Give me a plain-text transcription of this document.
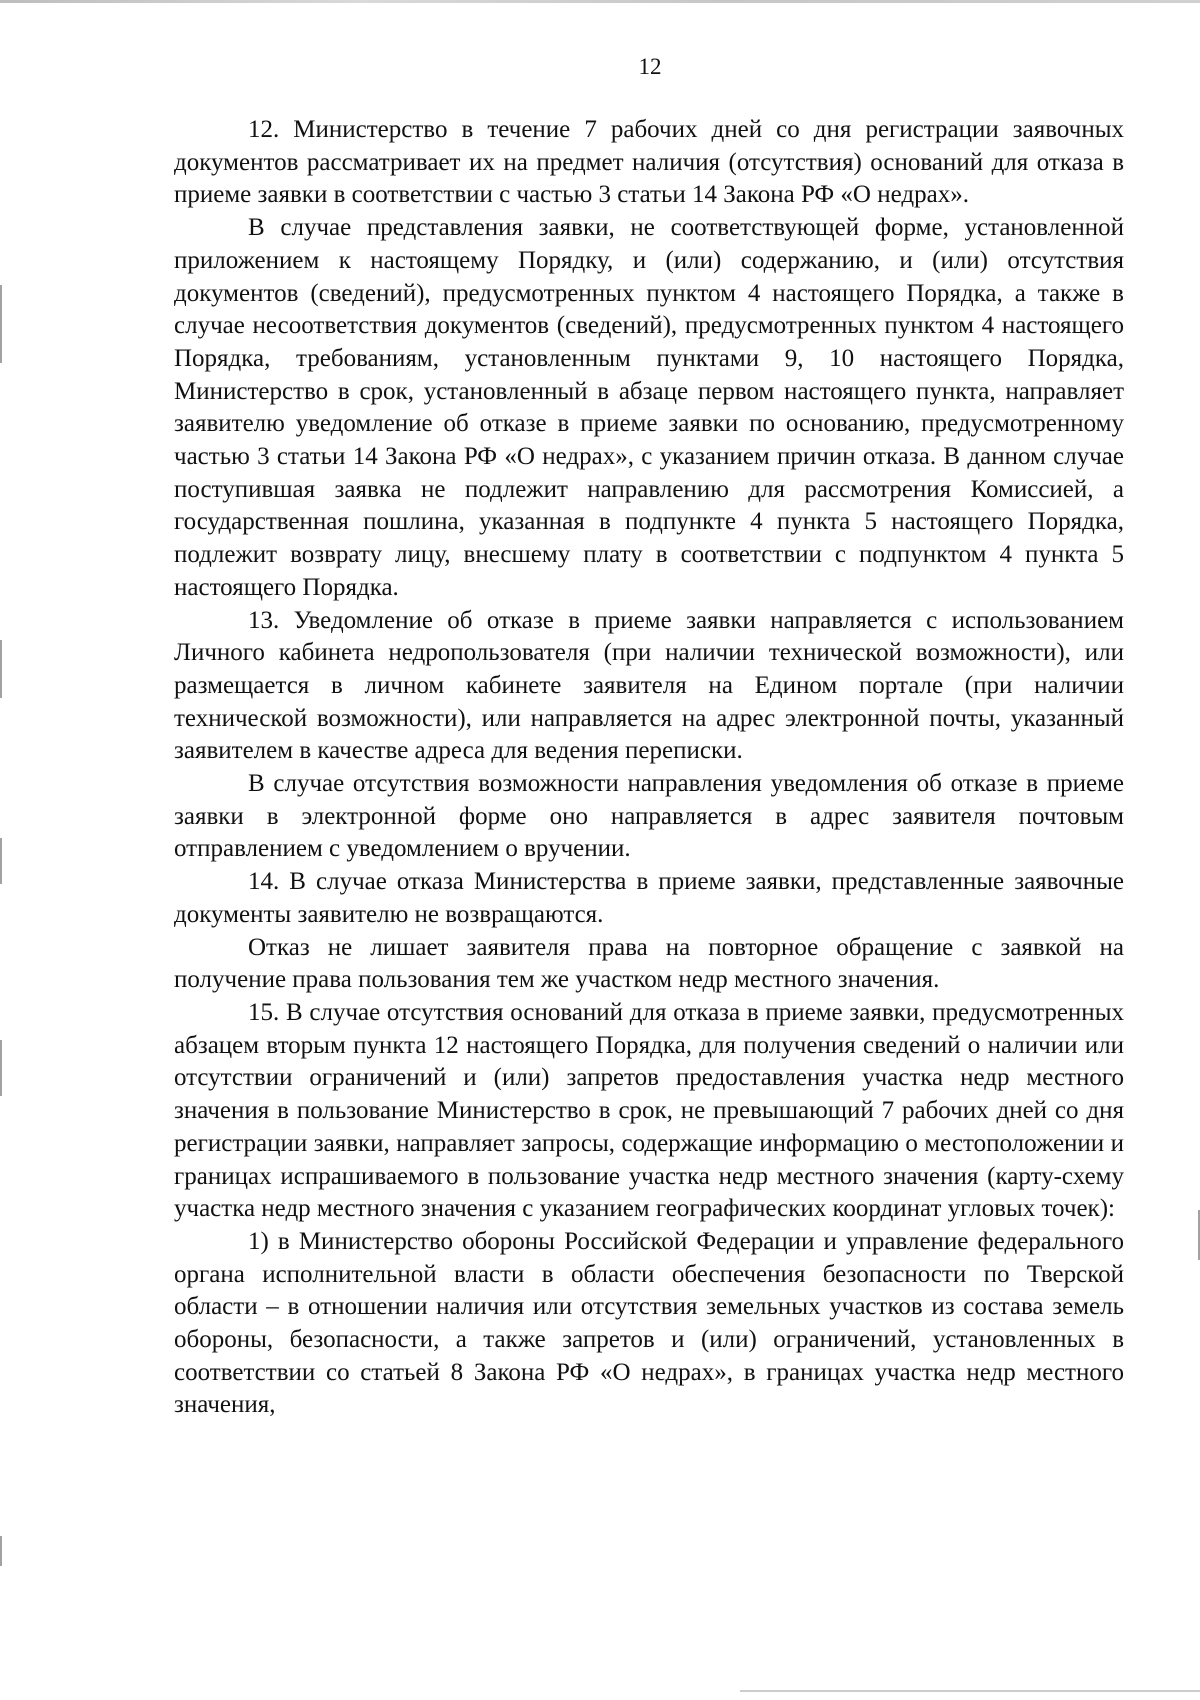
12

12. Министерство в течение 7 рабочих дней со дня регистрации заявочных документов рассматривает их на предмет наличия (отсутствия) оснований для отказа в приеме заявки в соответствии с частью 3 статьи 14 Закона РФ «О недрах».

В случае представления заявки, не соответствующей форме, установленной приложением к настоящему Порядку, и (или) содержанию, и (или) отсутствия документов (сведений), предусмотренных пунктом 4 настоящего Порядка, а также в случае несоответствия документов (сведений), предусмотренных пунктом 4 настоящего Порядка, требованиям, установленным пунктами 9, 10 настоящего Порядка, Министерство в срок, установленный в абзаце первом настоящего пункта, направляет заявителю уведомление об отказе в приеме заявки по основанию, предусмотренному частью 3 статьи 14 Закона РФ «О недрах», с указанием причин отказа. В данном случае поступившая заявка не подлежит направлению для рассмотрения Комиссией, а государственная пошлина, указанная в подпункте 4 пункта 5 настоящего Порядка, подлежит возврату лицу, внесшему плату в соответствии с подпунктом 4 пункта 5 настоящего Порядка.

13. Уведомление об отказе в приеме заявки направляется с использованием Личного кабинета недропользователя (при наличии технической возможности), или размещается в личном кабинете заявителя на Едином портале (при наличии технической возможности), или направляется на адрес электронной почты, указанный заявителем в качестве адреса для ведения переписки.

В случае отсутствия возможности направления уведомления об отказе в приеме заявки в электронной форме оно направляется в адрес заявителя почтовым отправлением с уведомлением о вручении.

14. В случае отказа Министерства в приеме заявки, представленные заявочные документы заявителю не возвращаются.

Отказ не лишает заявителя права на повторное обращение с заявкой на получение права пользования тем же участком недр местного значения.

15. В случае отсутствия оснований для отказа в приеме заявки, предусмотренных абзацем вторым пункта 12 настоящего Порядка, для получения сведений о наличии или отсутствии ограничений и (или) запретов предоставления участка недр местного значения в пользование Министерство в срок, не превышающий 7 рабочих дней со дня регистрации заявки, направляет запросы, содержащие информацию о местоположении и границах испрашиваемого в пользование участка недр местного значения (карту-схему участка недр местного значения с указанием географических координат угловых точек):

1) в Министерство обороны Российской Федерации и управление федерального органа исполнительной власти в области обеспечения безопасности по Тверской области – в отношении наличия или отсутствия земельных участков из состава земель обороны, безопасности, а также запретов и (или) ограничений, установленных в соответствии со статьей 8 Закона РФ «О недрах», в границах участка недр местного значения,
